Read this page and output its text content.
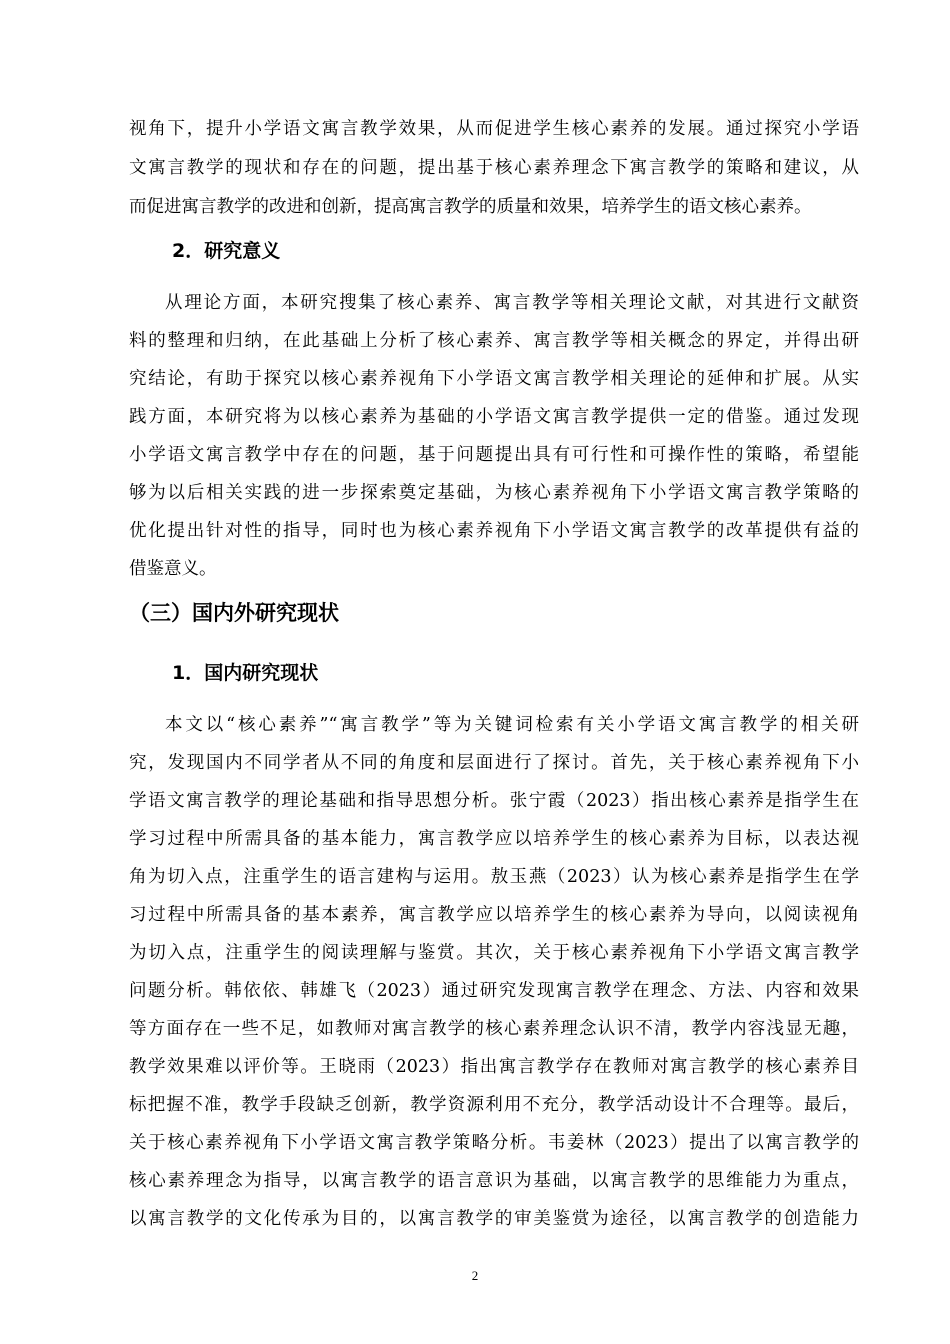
视角下，提升小学语文寓言教学效果，从而促进学生核心素养的发展。通过探究小学语
文寓言教学的现状和存在的问题，提出基于核心素养理念下寓言教学的策略和建议，从
而促进寓言教学的改进和创新，提高寓言教学的质量和效果，培养学生的语文核心素养。
2．研究意义
从理论方面，本研究搜集了核心素养、寓言教学等相关理论文献，对其进行文献资
料的整理和归纳，在此基础上分析了核心素养、寓言教学等相关概念的界定，并得出研
究结论，有助于探究以核心素养视角下小学语文寓言教学相关理论的延伸和扩展。从实
践方面，本研究将为以核心素养为基础的小学语文寓言教学提供一定的借鉴。通过发现
小学语文寓言教学中存在的问题，基于问题提出具有可行性和可操作性的策略，希望能
够为以后相关实践的进一步探索奠定基础，为核心素养视角下小学语文寓言教学策略的
优化提出针对性的指导，同时也为核心素养视角下小学语文寓言教学的改革提供有益的
借鉴意义。
（三）国内外研究现状
1．国内研究现状
本文以“核心素养”“寓言教学”等为关键词检索有关小学语文寓言教学的相关研
究，发现国内不同学者从不同的角度和层面进行了探讨。首先，关于核心素养视角下小
学语文寓言教学的理论基础和指导思想分析。张宁霞（2023）指出核心素养是指学生在
学习过程中所需具备的基本能力，寓言教学应以培养学生的核心素养为目标，以表达视
角为切入点，注重学生的语言建构与运用。敖玉燕（2023）认为核心素养是指学生在学
习过程中所需具备的基本素养，寓言教学应以培养学生的核心素养为导向，以阅读视角
为切入点，注重学生的阅读理解与鉴赏。其次，关于核心素养视角下小学语文寓言教学
问题分析。韩依依、韩雄飞（2023）通过研究发现寓言教学在理念、方法、内容和效果
等方面存在一些不足，如教师对寓言教学的核心素养理念认识不清，教学内容浅显无趣，
教学效果难以评价等。王晓雨（2023）指出寓言教学存在教师对寓言教学的核心素养目
标把握不准，教学手段缺乏创新，教学资源利用不充分，教学活动设计不合理等。最后，
关于核心素养视角下小学语文寓言教学策略分析。韦姜林（2023）提出了以寓言教学的
核心素养理念为指导，以寓言教学的语言意识为基础，以寓言教学的思维能力为重点，
以寓言教学的文化传承为目的，以寓言教学的审美鉴赏为途径，以寓言教学的创造能力
2
